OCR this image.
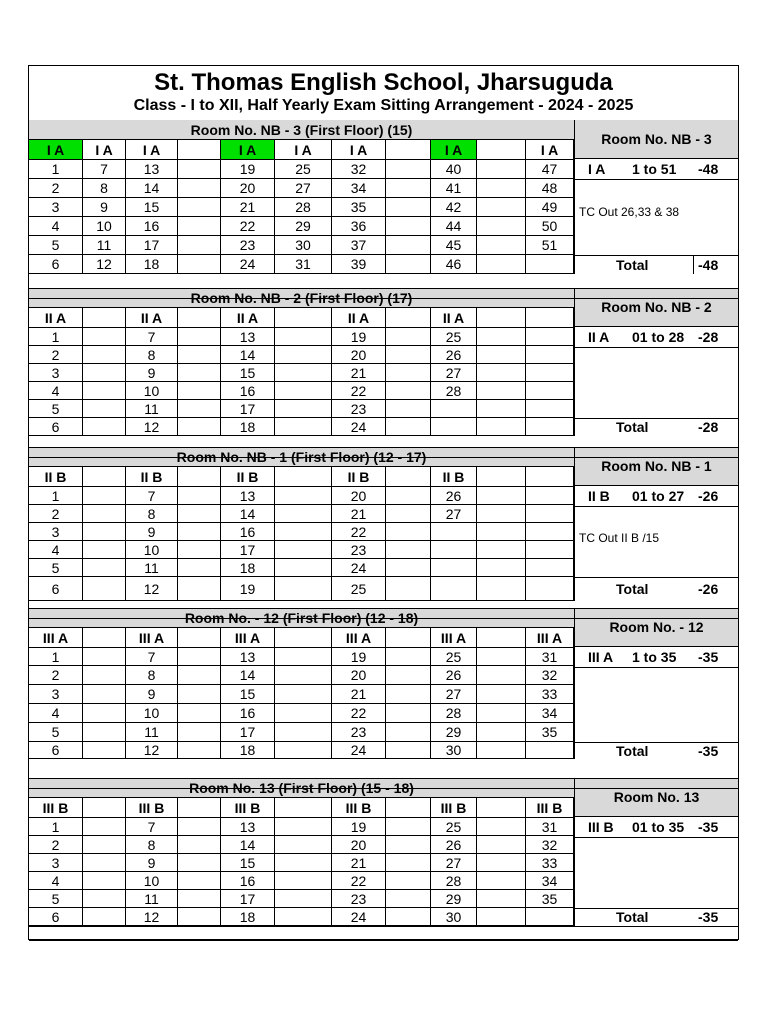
St. Thomas English School, Jharsuguda
Class - I to XII, Half Yearly Exam Sitting Arrangement - 2024 - 2025
Room No. NB - 3 (First Floor) (15)
Room No. NB - 3
I A	I A	I A	I A	I A	I A	I A	I A
1	7	13	19	25	32	40	47
2	8	14	20	27	34	41	48
3	9	15	21	28	35	42	49
4	10	16	22	29	36	44	50
5	11	17	23	30	37	45	51
6	12	18	24	31	39	46
I A 1 to 51 -48
TC Out 26,33 & 38
Total	-48
Room No. NB - 2 (First Floor) (17)
Room No. NB - 2
II A	II A	II A	II A	II A
1	7	13	19	25
2	8	14	20	26
3	9	15	21	27
4	10	16	22	28
5	11	17	23
6	12	18	24
II A 01 to 28 -28
Total	-28
Room No. NB - 1 (First Floor) (12 - 17)
Room No. NB - 1
II B	II B	II B	II B	II B
1	7	13	20	26
2	8	14	21	27
3	9	16	22
4	10	17	23
5	11	18	24
6	12	19	25
II B 01 to 27 -26
TC Out II B /15
Total	-26
Room No. - 12 (First Floor) (12 - 18)
Room No. - 12
III A	III A	III A	III A	III A	III A
1	7	13	19	25	31
2	8	14	20	26	32
3	9	15	21	27	33
4	10	16	22	28	34
5	11	17	23	29	35
6	12	18	24	30
III A 1 to 35 -35
Total	-35
Room No. 13 (First Floor) (15 - 18)
Room No. 13
III B	III B	III B	III B	III B	III B
1	7	13	19	25	31
2	8	14	20	26	32
3	9	15	21	27	33
4	10	16	22	28	34
5	11	17	23	29	35
6	12	18	24	30
III B 01 to 35 -35
Total	-35
